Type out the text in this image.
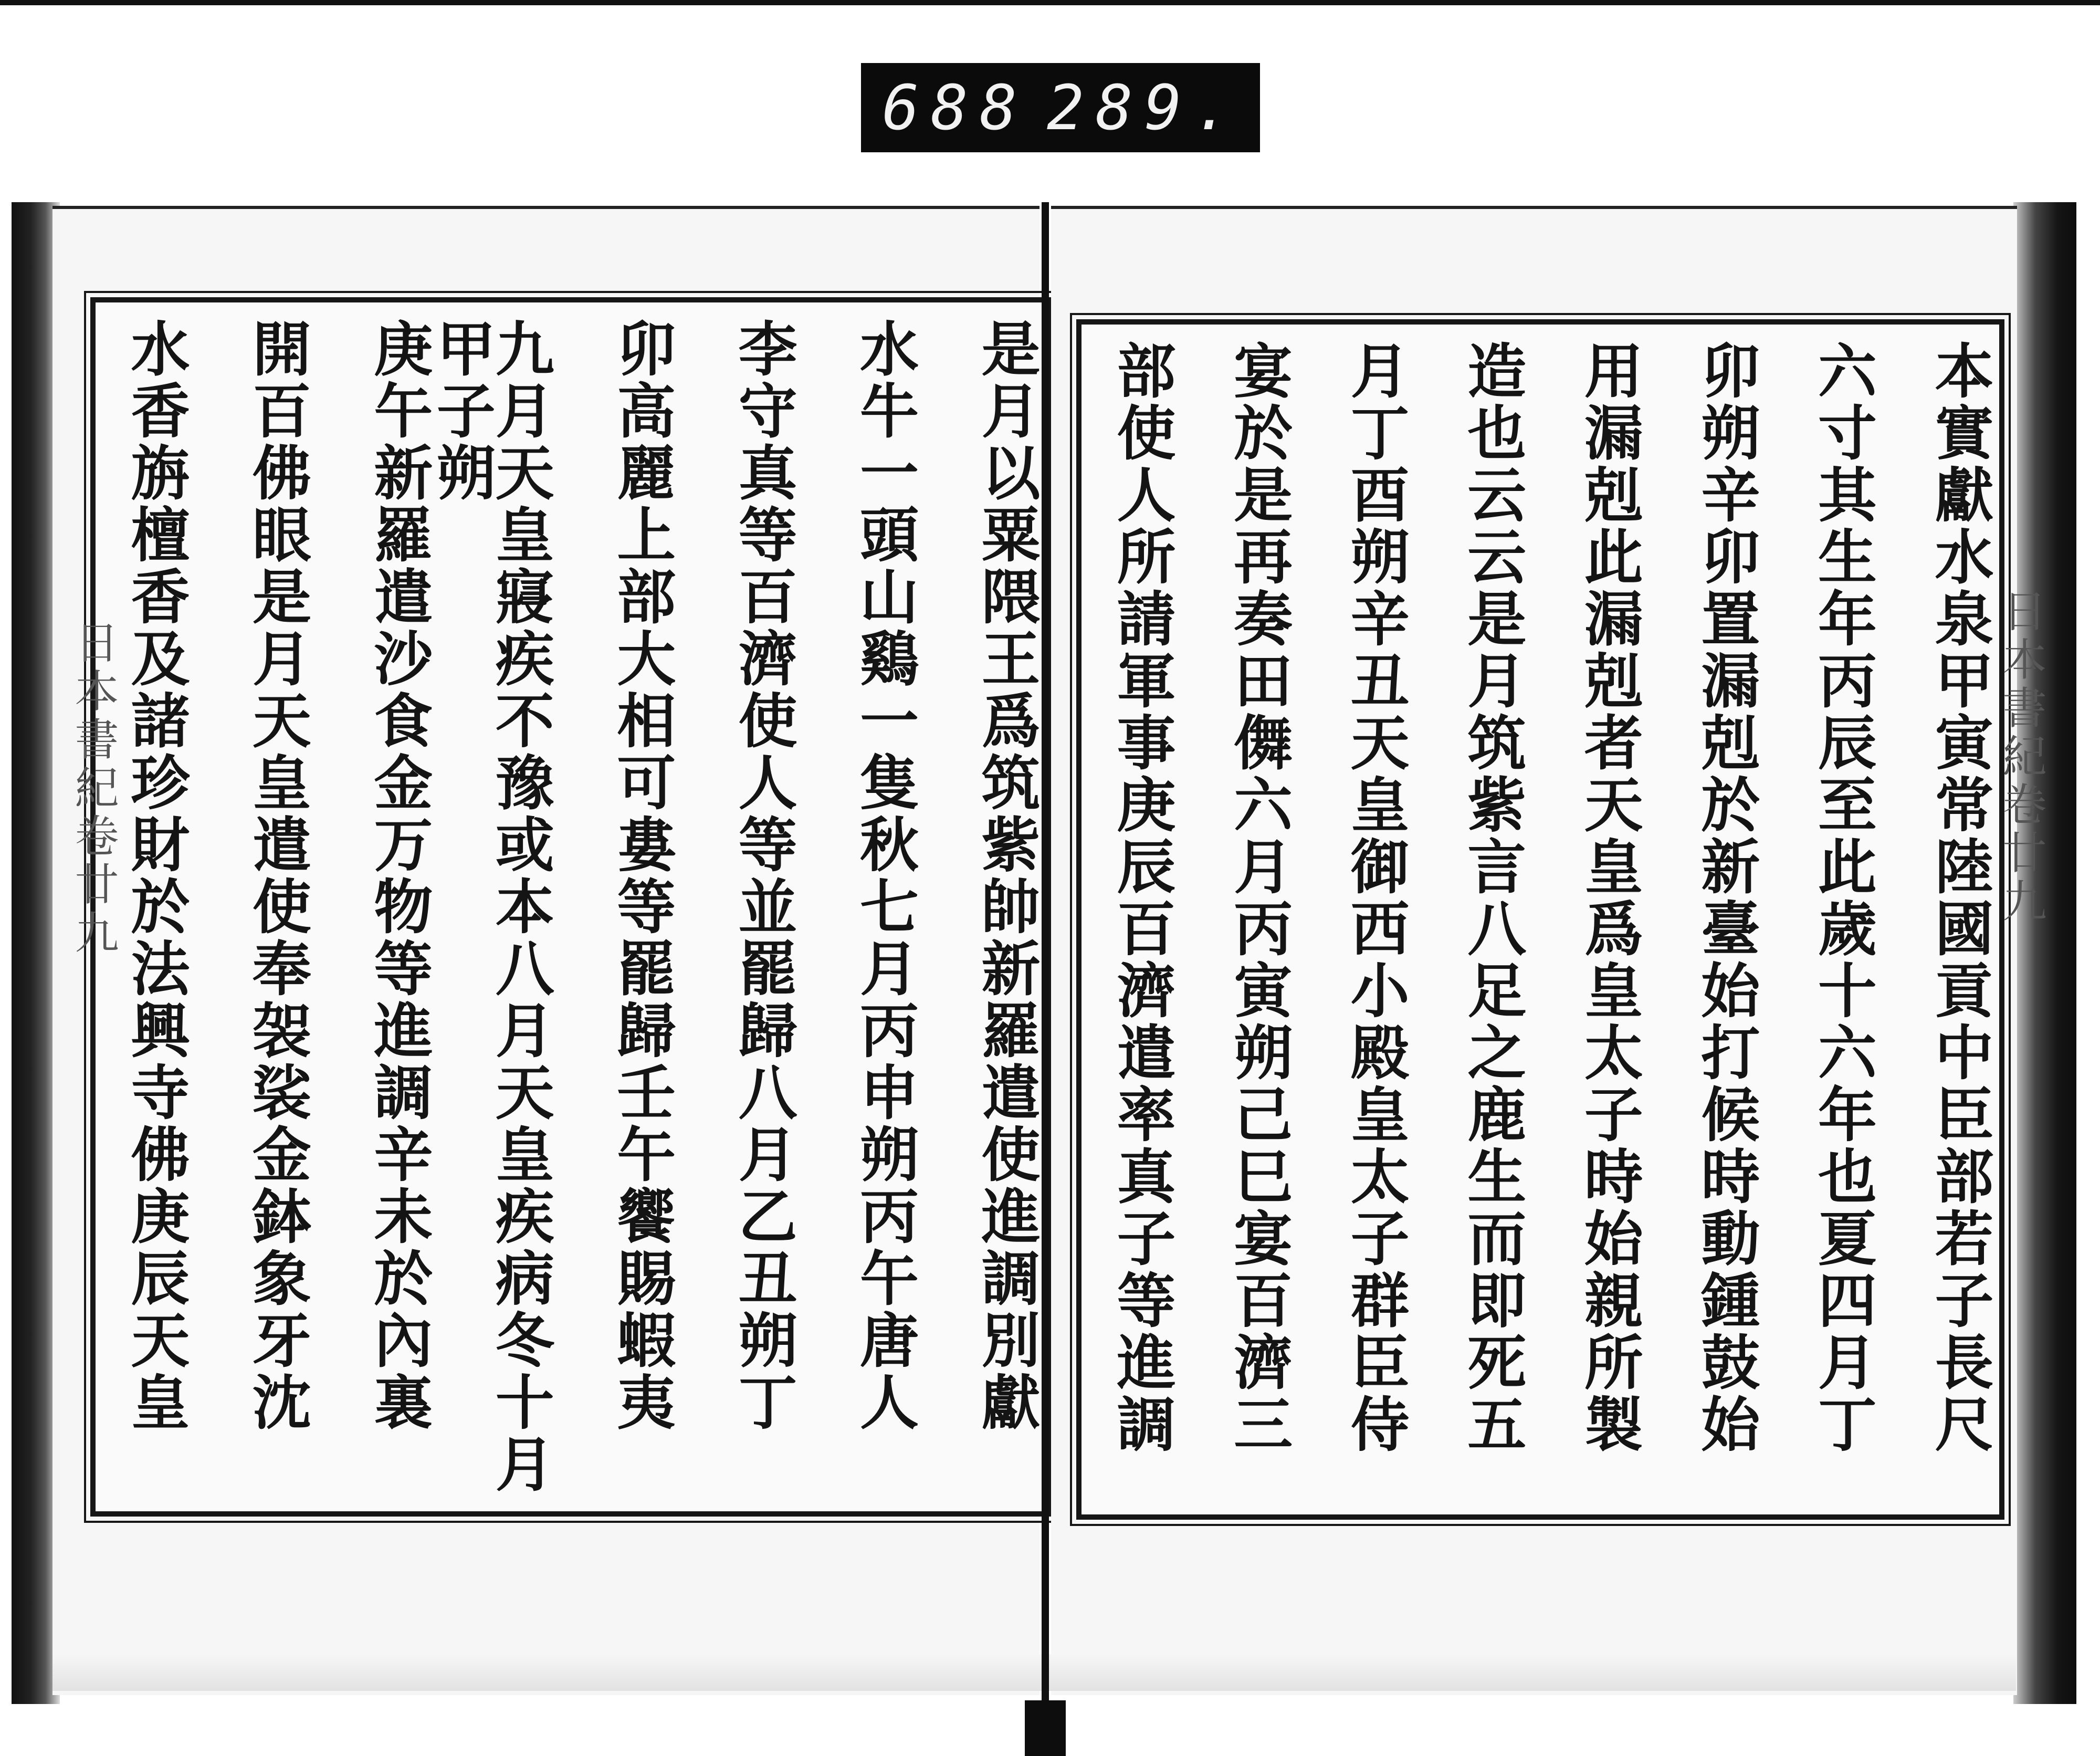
688 289.
是月以粟隈王爲筑紫帥新羅遣使進調別獻
水牛一頭山鷄一隻秋七月丙申朔丙午唐人
李守真等百濟使人等並罷歸八月乙丑朔丁
卯高麗上部大相可婁等罷歸壬午饗賜蝦夷
九月天皇寢疾不豫或本八月天皇疾病冬十月甲子朔
庚午新羅遣沙食金万物等進調辛未於內裏
開百佛眼是月天皇遣使奉袈裟金鉢象牙沈
水香旃檀香及諸珍財於法興寺佛庚辰天皇	本實獻水泉甲寅常陸國貢中臣部若子長尺
六寸其生年丙辰至此歲十六年也夏四月丁
卯朔辛卯置漏剋於新臺始打候時動鍾鼓始
用漏剋此漏剋者天皇爲皇太子時始親所製
造也云云是月筑紫言八足之鹿生而即死五
月丁酉朔辛丑天皇御西小殿皇太子群臣侍
宴於是再奏田儛六月丙寅朔己巳宴百濟三
部使人所請軍事庚辰百濟遣率真子等進調
日本書紀卷廿九	日本書紀卷廿九
